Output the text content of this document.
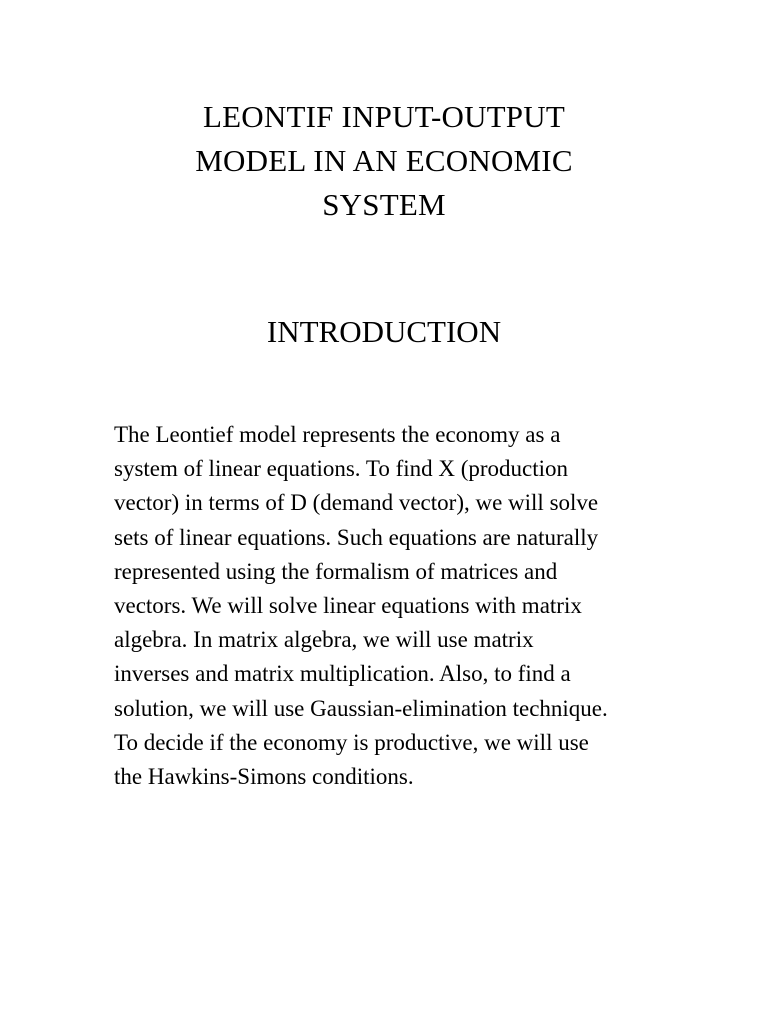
LEONTIF INPUT-OUTPUT
MODEL IN AN ECONOMIC
SYSTEM
INTRODUCTION
The Leontief model represents the economy as a
system of linear equations. To find X (production
vector) in terms of D (demand vector), we will solve
sets of linear equations. Such equations are naturally
represented using the formalism of matrices and
vectors. We will solve linear equations with matrix
algebra. In matrix algebra, we will use matrix
inverses and matrix multiplication. Also, to find a
solution, we will use Gaussian-elimination technique.
To decide if the economy is productive, we will use
the Hawkins-Simons conditions.
